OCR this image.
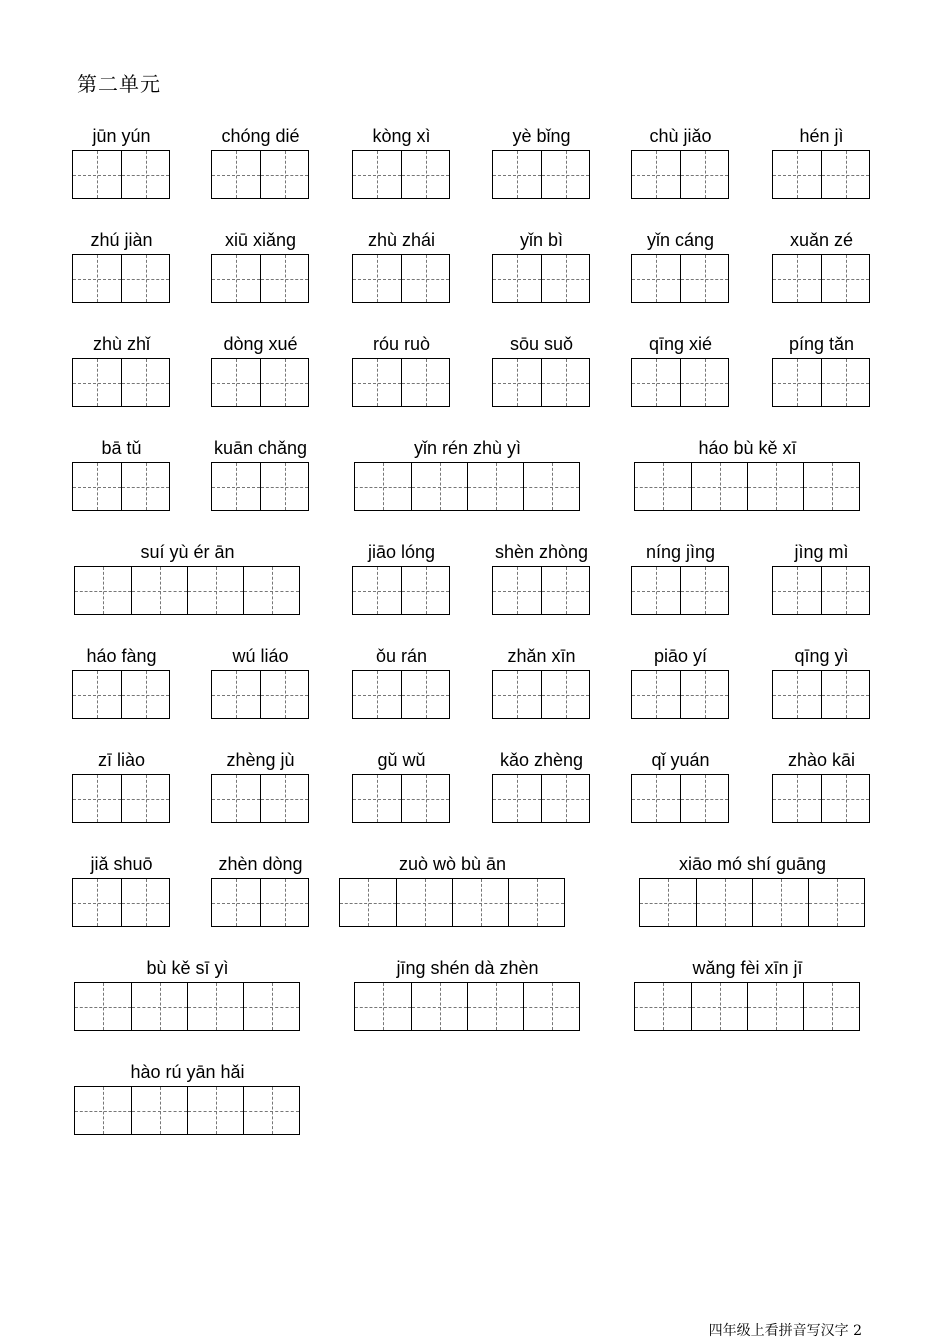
第二单元
jūn yún	chóng dié	kòng xì	yè bǐng	chù jiǎo	hén jì
zhú jiàn	xiū xiǎng	zhù zhái	yǐn bì	yǐn cáng	xuǎn zé
zhù zhǐ	dòng xué	róu ruò	sōu suǒ	qīng xié	píng tǎn
bā tǔ	kuān chǎng	yǐn rén zhù yì	háo bù kě xī
suí yù ér ān	jiāo lóng	shèn zhòng	níng jìng	jìng mì
háo fàng	wú liáo	ǒu rán	zhǎn xīn	piāo yí	qīng yì
zī liào	zhèng jù	gǔ wǔ	kǎo zhèng	qǐ yuán	zhào kāi
jiǎ shuō	zhèn dòng	zuò wò bù ān	xiāo mó shí guāng
bù kě sī yì	jīng shén dà zhèn	wǎng fèi xīn jī
hào rú yān hǎi
四年级上看拼音写汉字 2
